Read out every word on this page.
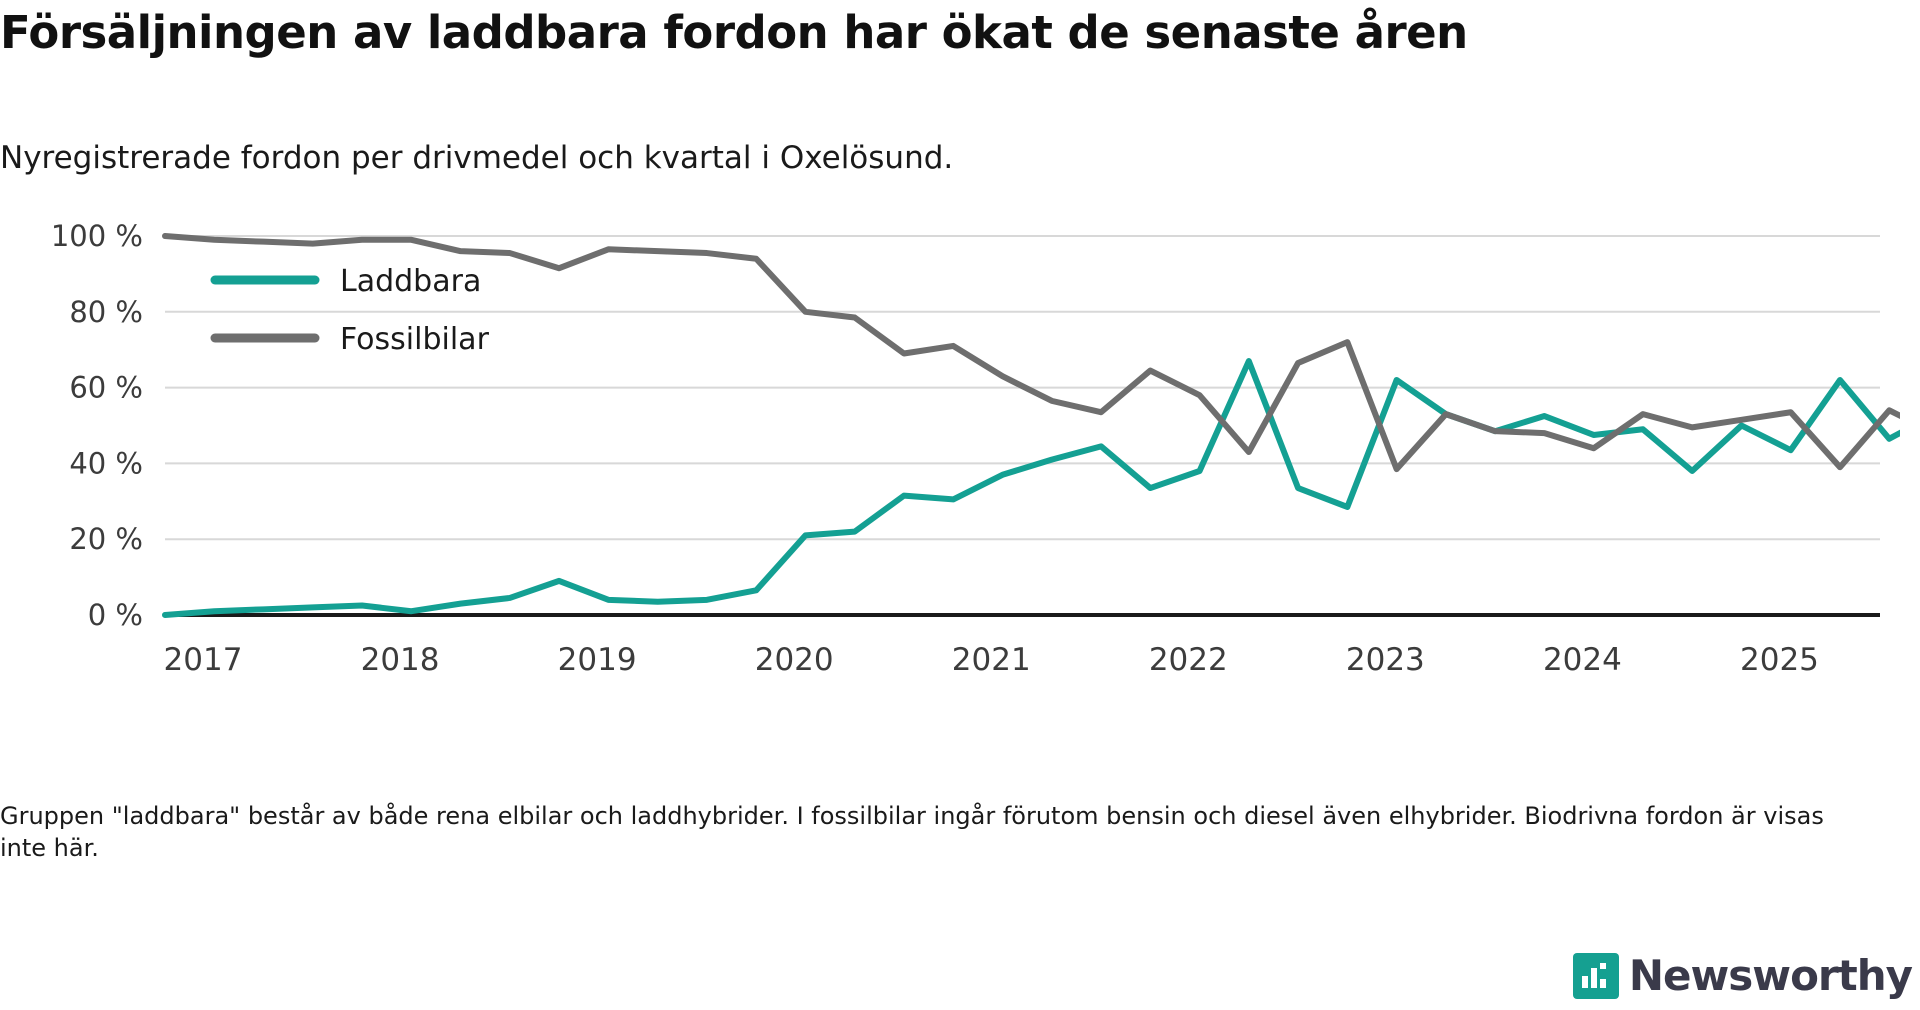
Försäljningen av laddbara fordon har ökat de senaste åren
Nyregistrerade fordon per drivmedel och kvartal i Oxelösund.
0 %
20 %
40 %
60 %
80 %
100 %
2017	2018	2019	2020	2021	2022	2023	2024	2025
Laddbara
Fossilbilar
Gruppen "laddbara" består av både rena elbilar och laddhybrider. I fossilbilar ingår förutom bensin och diesel även elhybrider. Biodrivna fordon är visas inte här.
Newsworthy
